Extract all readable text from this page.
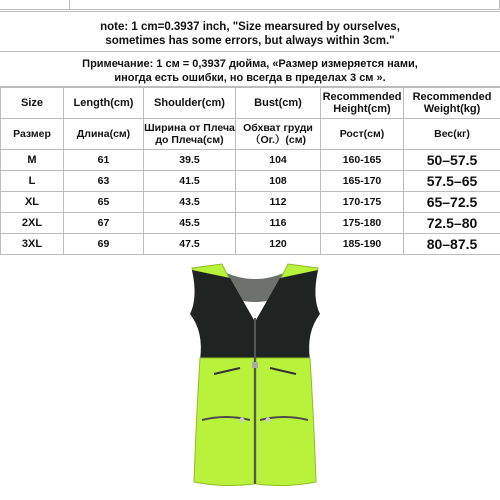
note: 1 cm=0.3937 inch, "Size mearsured by ourselves,
sometimes has some errors, but always within 3cm."
Примечание: 1 см = 0,3937 дюйма, «Размер измеряется нами,
иногда есть ошибки, но всегда в пределах 3 см ».
Size	Length(cm)	Shoulder(cm)	Bust(cm)	Recommended Height(cm)	Recommended Weight(kg)
Размер	Длина(см)	Ширина от Плеча до Плеча(см)	Обхват груди （Ог.）(см)	Рост(см)	Вес(кг)
M	61	39.5	104	160-165	50–57.5
L	63	41.5	108	165-170	57.5–65
XL	65	43.5	112	170-175	65–72.5
2XL	67	45.5	116	175-180	72.5–80
3XL	69	47.5	120	185-190	80–87.5
